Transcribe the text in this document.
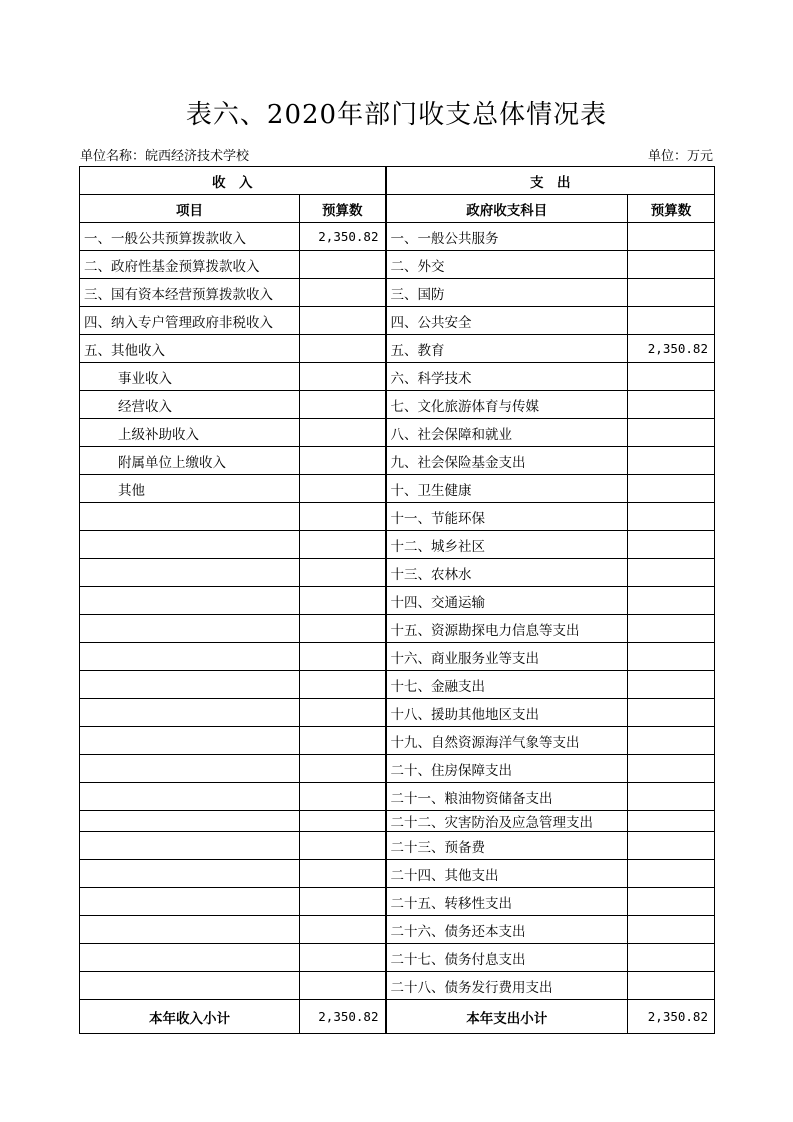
表六、2020年部门收支总体情况表
单位名称：皖西经济技术学校	单位：万元
收　入		支　出	
项目	预算数	政府收支科目	预算数
一、一般公共预算拨款收入	2,350.82	一、一般公共服务	
二、政府性基金预算拨款收入		二、外交	
三、国有资本经营预算拨款收入		三、国防	
四、纳入专户管理政府非税收入		四、公共安全	
五、其他收入		五、教育	2,350.82
事业收入		六、科学技术	
经营收入		七、文化旅游体育与传媒	
上级补助收入		八、社会保障和就业	
附属单位上缴收入		九、社会保险基金支出	
其他		十、卫生健康	
		十一、节能环保	
		十二、城乡社区	
		十三、农林水	
		十四、交通运输	
		十五、资源勘探电力信息等支出	
		十六、商业服务业等支出	
		十七、金融支出	
		十八、援助其他地区支出	
		十九、自然资源海洋气象等支出	
		二十、住房保障支出	
		二十一、粮油物资储备支出	
		二十二、灾害防治及应急管理支出	
		二十三、预备费	
		二十四、其他支出	
		二十五、转移性支出	
		二十六、债务还本支出	
		二十七、债务付息支出	
		二十八、债务发行费用支出	
本年收入小计	2,350.82	本年支出小计	2,350.82
